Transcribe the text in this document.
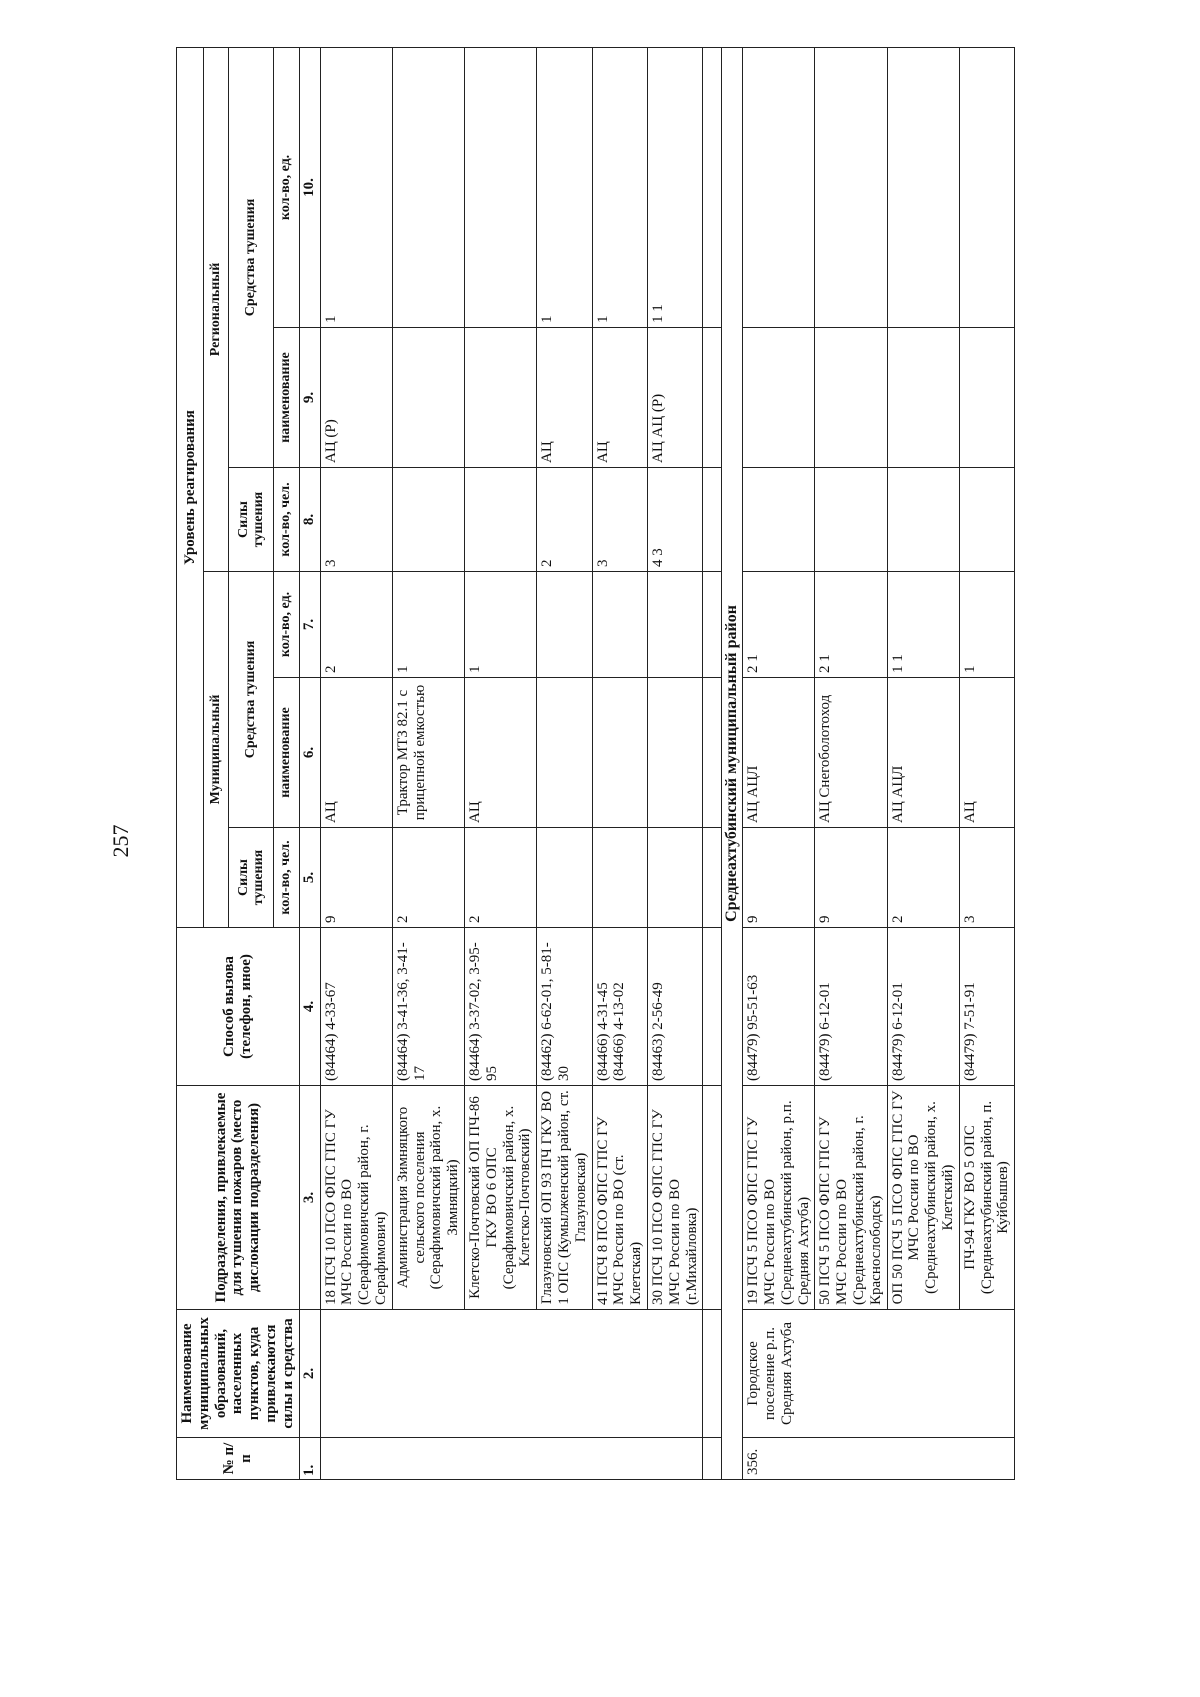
257
№ п/п	Наименование муниципальных образований, населенных пунктов, куда привлекаются силы и средства	Подразделения, привлекаемые для тушения пожаров (место дислокации подразделения)	Способ вызова (телефон, иное)	Уровень реагирования					
				Муниципальный			Региональный		
				Силы тушения	Средства тушения		Силы тушения	Средства тушения	
				кол-во, чел.	наименование	кол-во, ед.	кол-во, чел.	наименование	кол-во, ед.
1.	2.	3.	4.	5.	6.	7.	8.	9.	10.
		18 ПСЧ 10 ПСО ФПС ГПС ГУ МЧС России по ВО (Серафимовичский район, г. Серафимович)	(84464) 4-33-67	9	АЦ	2	3	АЦ (Р)	1
		Администрация Зимняцкого сельского поселения (Серафимовичский район, х. Зимняцкий)	(84464) 3-41-36, 3-41-17	2	Трактор МТЗ 82.1 с прицепной емкостью	1			
		Клетско-Почтовский ОП ПЧ-86 ГКУ ВО 6 ОПС (Серафимовичский район, х. Клетско-Почтовский)	(84464) 3-37-02, 3-95-95	2	АЦ	1			
		Глазуновский ОП 93 ПЧ ГКУ ВО 1 ОПС (Кумылженский район, ст. Глазуновская)	(84462) 6-62-01, 5-81-30				2	АЦ	1
		41 ПСЧ 8 ПСО ФПС ГПС ГУ МЧС России по ВО (ст. Клетская)	(84466) 4-31-45 (84466) 4-13-02				3	АЦ	1
		30 ПСЧ 10 ПСО ФПС ГПС ГУ МЧС России по ВО (г.Михайловка)	(84463) 2-56-49				4 3	АЦ АЦ (Р)	1 1

Среднеахтубинский муниципальный район									
356.	Городское поселение р.п. Средняя Ахтуба	19 ПСЧ 5 ПСО ФПС ГПС ГУ МЧС России по ВО (Среднеахтубинский район, р.п. Средняя Ахтуба)	(84479) 95-51-63	9	АЦ АЦЛ	2 1			
		50 ПСЧ 5 ПСО ФПС ГПС ГУ МЧС России по ВО (Среднеахтубинский район, г. Краснослободск)	(84479) 6-12-01	9	АЦ Снегоболотоход	2 1			
		ОП 50 ПСЧ 5 ПСО ФПС ГПС ГУ МЧС России по ВО (Среднеахтубинский район, х. Клетский)	(84479) 6-12-01	2	АЦ АЦЛ	1 1			
		ПЧ-94 ГКУ ВО 5 ОПС (Среднеахтубинский район, п. Куйбышев)	(84479) 7-51-91	3	АЦ	1			
